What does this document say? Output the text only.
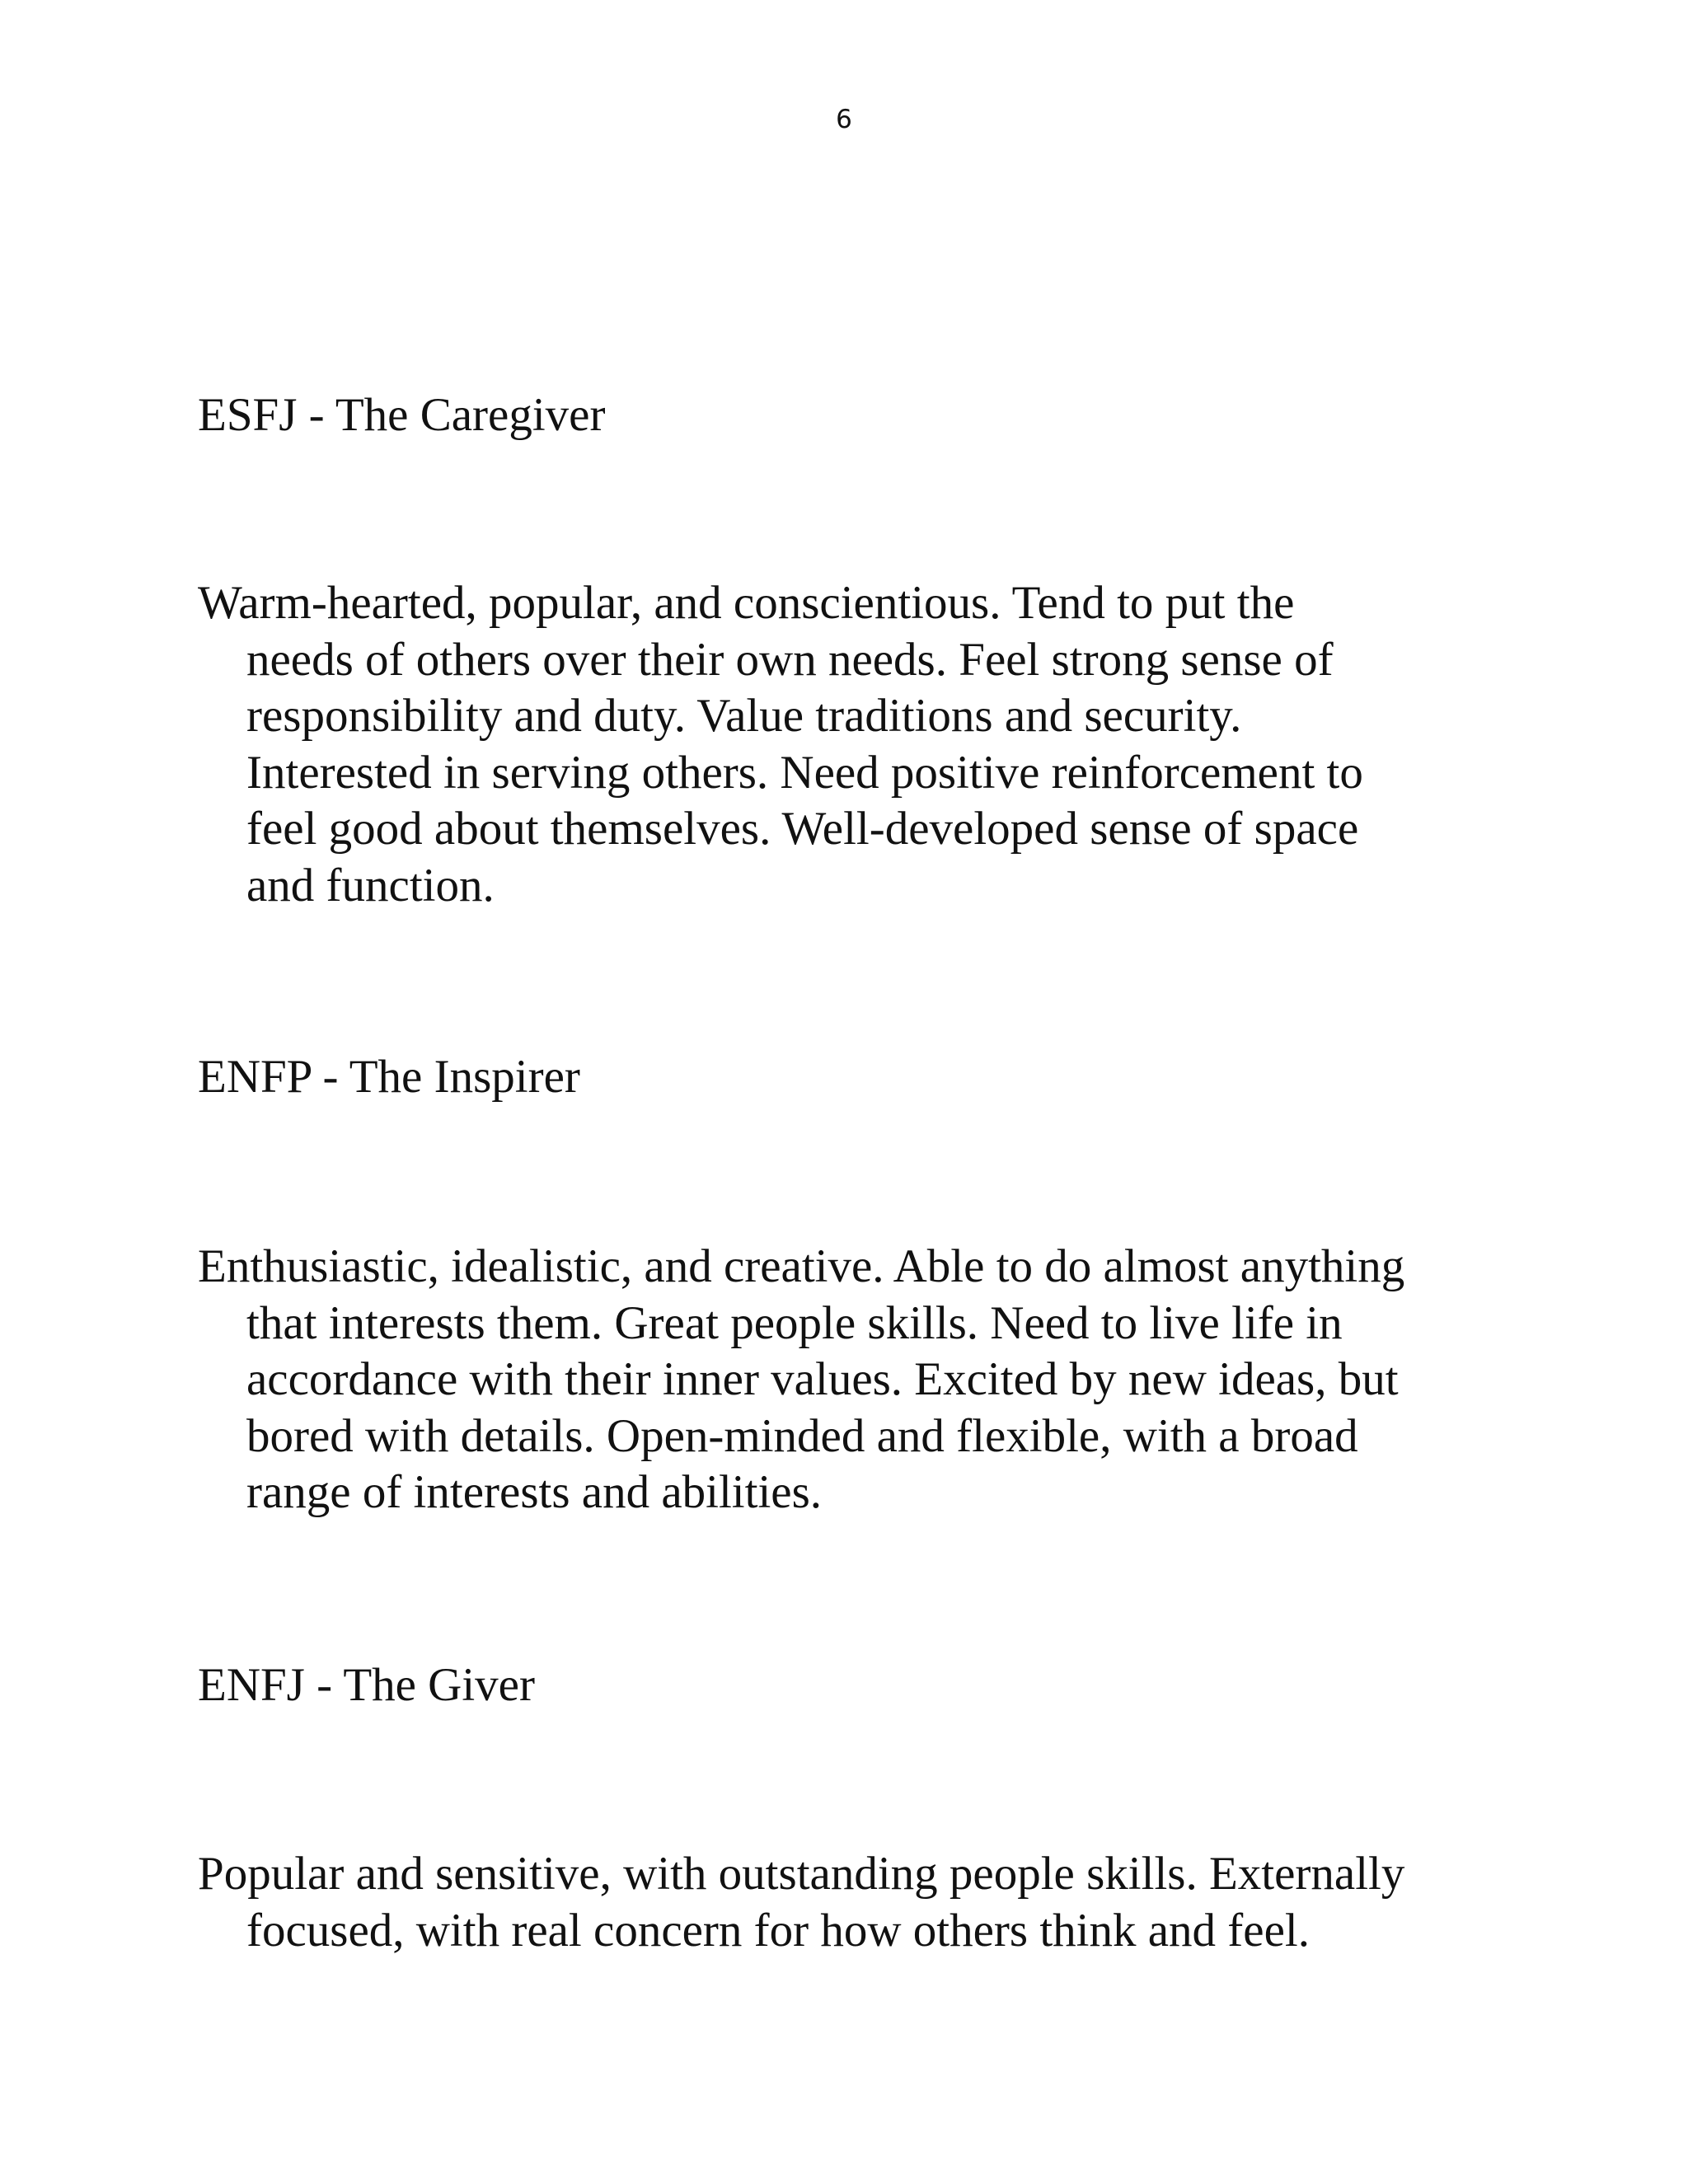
6
ESFJ - The Caregiver
Warm-hearted, popular, and conscientious. Tend to put the
needs of others over their own needs. Feel strong sense of
responsibility and duty. Value traditions and security.
Interested in serving others. Need positive reinforcement to
feel good about themselves. Well-developed sense of space
and function.
ENFP - The Inspirer
Enthusiastic, idealistic, and creative. Able to do almost anything
that interests them. Great people skills. Need to live life in
accordance with their inner values. Excited by new ideas, but
bored with details. Open-minded and flexible, with a broad
range of interests and abilities.
ENFJ - The Giver
Popular and sensitive, with outstanding people skills. Externally
focused, with real concern for how others think and feel.
